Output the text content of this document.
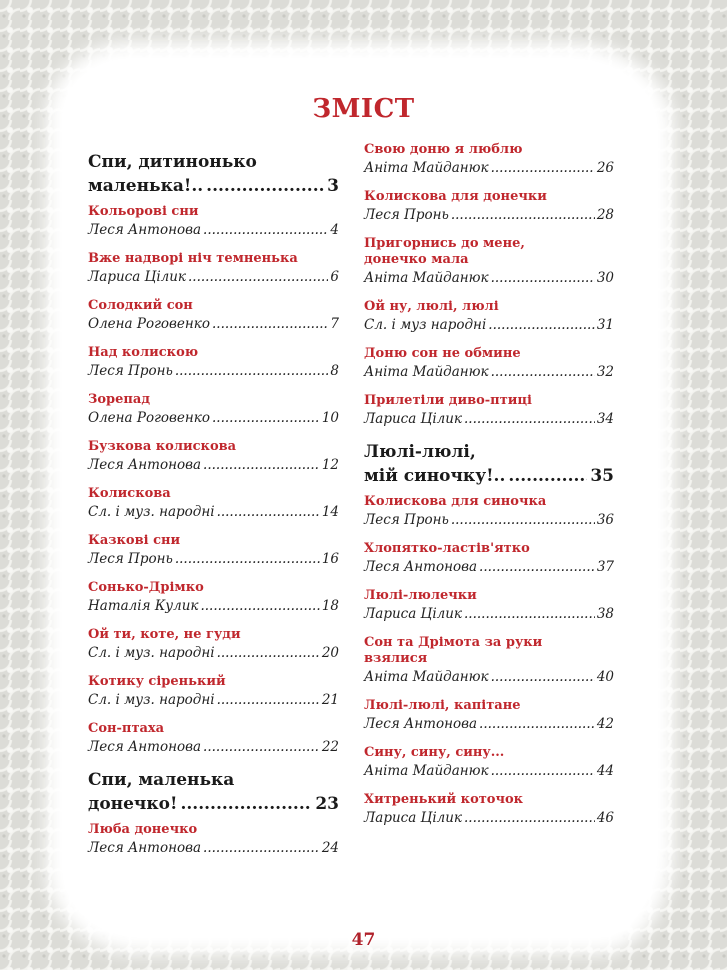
ЗМІСТ
Спи, дитинонько
маленька!.. .....	3
Кольорові сни
Леся Антонова .....	4
Вже надворі ніч темненька
Лариса Цілик .....	6
Солодкий сон
Олена Роговенко .....	7
Над колискою
Леся Пронь .....	8
Зорепад
Олена Роговенко .....	10
Бузкова колискова
Леся Антонова .....	12
Колискова
Сл. і муз. народні .....	14
Казкові сни
Леся Пронь .....	16
Сонько-Дрімко
Наталія Кулик .....	18
Ой ти, коте, не гуди
Сл. і муз. народні .....	20
Котику сіренький
Сл. і муз. народні .....	21
Сон-птаха
Леся Антонова .....	22
Спи, маленька
донечко! .....	23
Люба донечко
Леся Антонова .....	24
Свою доню я люблю
Аніта Майданюк .....	26
Колискова для донечки
Леся Пронь .....	28
Пригорнись до мене,
донечко мала
Аніта Майданюк .....	30
Ой ну, люлі, люлі
Сл. і муз народні .....	31
Доню сон не обмине
Аніта Майданюк .....	32
Прилетіли диво-птиці
Лариса Цілик .....	34
Люлі-люлі,
мій синочку!.. .....	35
Колискова для синочка
Леся Пронь .....	36
Хлопятко-ластів'ятко
Леся Антонова .....	37
Люлі-люлечки
Лариса Цілик .....	38
Сон та Дрімота за руки
взялися
Аніта Майданюк .....	40
Люлі-люлі, капітане
Леся Антонова .....	42
Сину, сину, сину...
Аніта Майданюк .....	44
Хитренький коточок
Лариса Цілик .....	46
47
